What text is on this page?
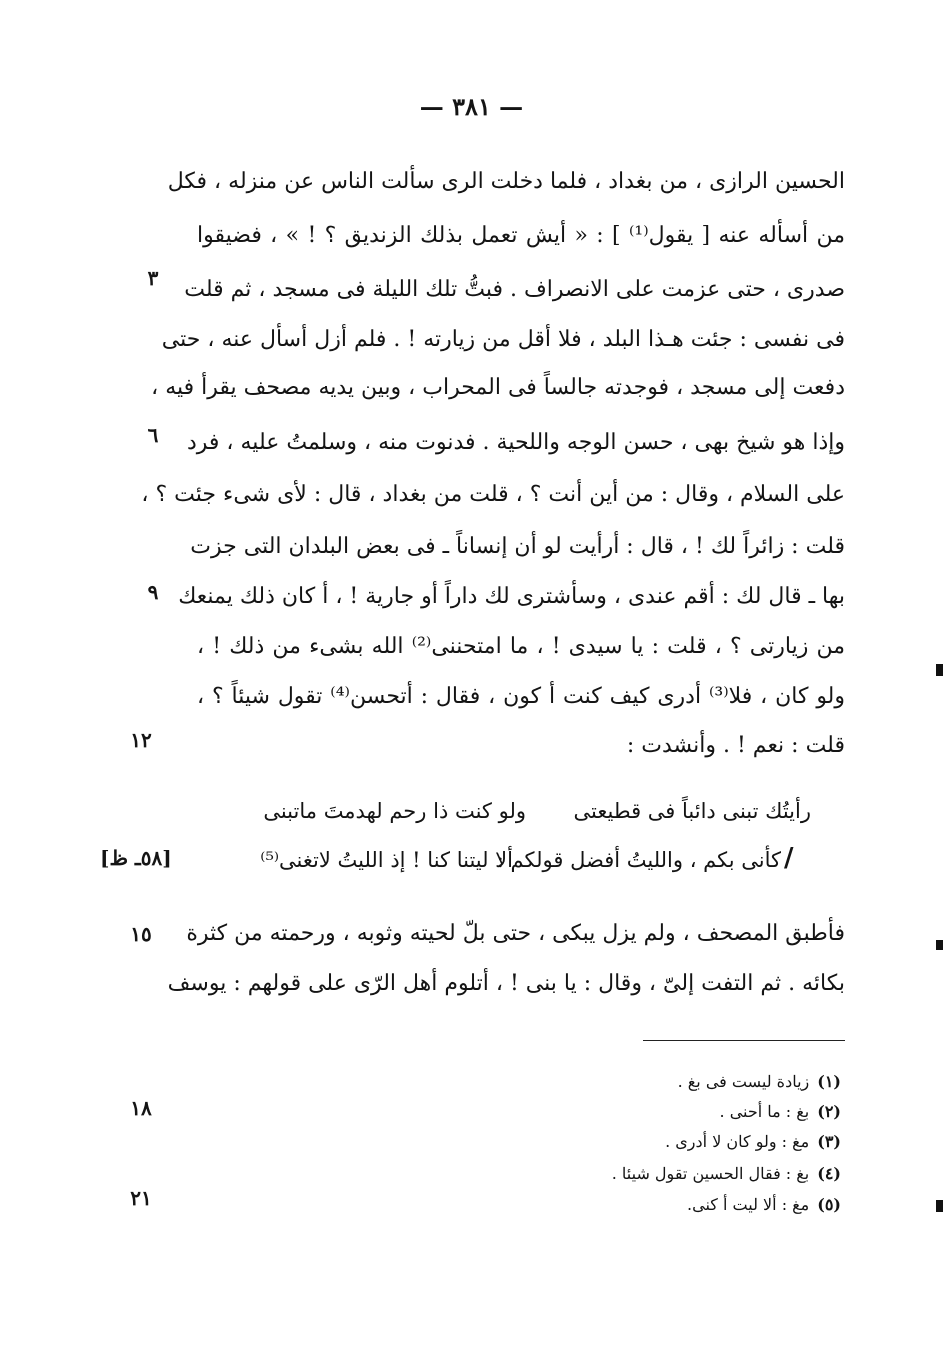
— ٣٨١ —
الحسين الرازى ، من بغداد ، فلما دخلت الرى سألت الناس عن منزله ، فكل
من أسأله عنه [ يقول⁽¹⁾ ] : « أيش تعمل بذلك الزنديق ؟ ! » ، فضيقوا
صدرى ، حتى عزمت على الانصراف . فبتُّ تلك الليلة فى مسجد ، ثم قلت
فى نفسى : جئت هـذا البلد ، فلا أقل من زيارته ! . فلم أزل أسأل عنه ، حتى
دفعت إلى مسجد ، فوجدته جالساً فى المحراب ، وبين يديه مصحف يقرأ فيه ،
وإذا هو شيخ بهى ، حسن الوجه واللحية . فدنوت منه ، وسلمتُ عليه ، فرد
على السلام ، وقال : من أين أنت ؟ ، قلت من بغداد ، قال : لأى شىء جئت ؟ ،
قلت : زائراً لك ! ، قال : أرأيت لو أن إنساناً ـ فى بعض البلدان التى جزت
بها ـ قال لك : أقم عندى ، وسأشترى لك داراً أو جارية ! ، أ كان ذلك يمنعك
من زيارتى ؟ ، قلت : يا سيدى ! ، ما امتحننى⁽²⁾ الله بشىء من ذلك ! ،
ولو كان ، فلا⁽³⁾ أدرى كيف كنت أ كون ، فقال : أتحسن⁽⁴⁾ تقول شيئاً ؟ ،
قلت : نعم ! . وأنشدت :
رأيتُك تبنى دائباً فى قطيعتى
ولو كنت ذا رحم لهدمتَ ماتبنى
كأنى بكم ، والليتُ أفضل قولكم :
ألا ليتنا كنا ! إذ الليتُ لاتغنى⁽⁵⁾	/
[٥٨ـ ظ]
فأطبق المصحف ، ولم يزل يبكى ، حتى بلّ لحيته وثوبه ، ورحمته من كثرة
بكائه . ثم التفت إلىّ ، وقال : يا بنى ! ، أتلوم أهل الرّى على قولهم : يوسف
٣
٦
٩
١٢
١٥
١٨
٢١
(١)زيادة ليست فى بغ .
(٢)بغ : ما أحنى .
(٣)مغ : ولو كان لا أدرى .
(٤)بغ : فقال الحسين تقول شيئا .
(٥)مغ : ألا ليت أ كنى.
